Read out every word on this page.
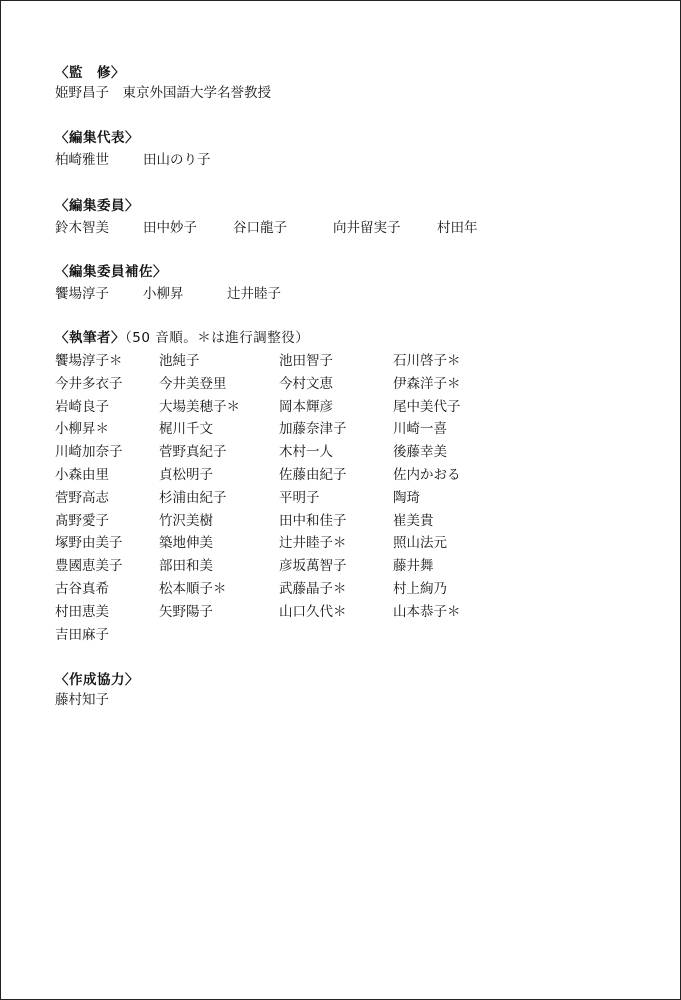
〈監　修〉
姫野昌子　東京外国語大学名誉教授
〈編集代表〉
柏崎雅世	田山のり子
〈編集委員〉
鈴木智美	田中妙子	谷口龍子	向井留実子	村田年
〈編集委員補佐〉
饗場淳子	小柳昇	辻井睦子
〈執筆者〉（50 音順。＊は進行調整役）
饗場淳子＊	池純子	池田智子	石川啓子＊
今井多衣子	今井美登里	今村文恵	伊森洋子＊
岩崎良子	大場美穂子＊	岡本輝彦	尾中美代子
小柳昇＊	梶川千文	加藤奈津子	川崎一喜
川崎加奈子	菅野真紀子	木村一人	後藤幸美
小森由里	貞松明子	佐藤由紀子	佐内かおる
菅野高志	杉浦由紀子	平明子	陶琦
髙野愛子	竹沢美樹	田中和佳子	崔美貴
塚野由美子	築地伸美	辻井睦子＊	照山法元
豊國恵美子	部田和美	彦坂萬智子	藤井舞
古谷真希	松本順子＊	武藤晶子＊	村上絢乃
村田恵美	矢野陽子	山口久代＊	山本恭子＊
吉田麻子
〈作成協力〉
藤村知子
